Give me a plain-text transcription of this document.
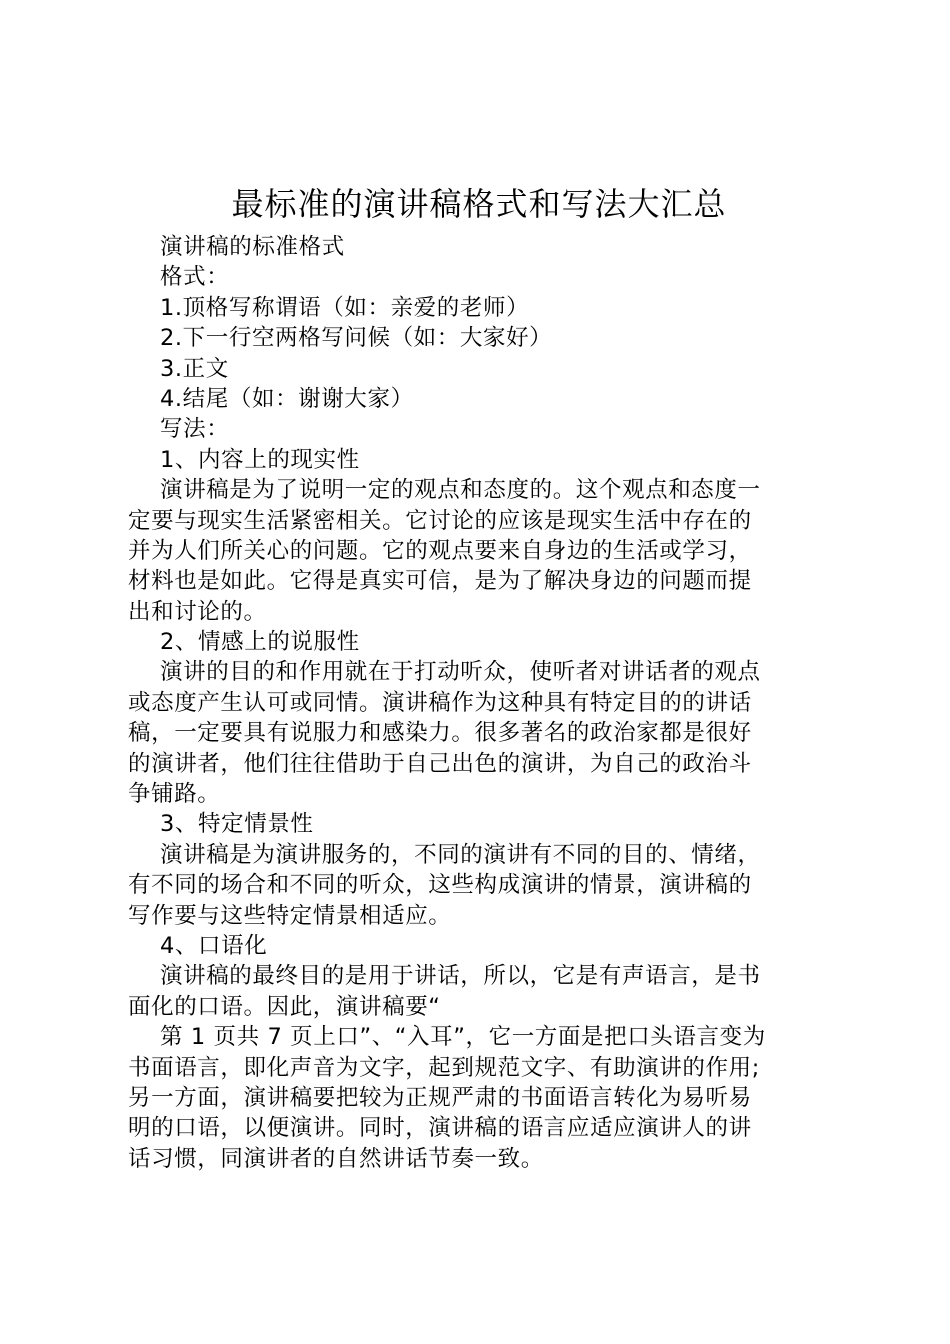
最标准的演讲稿格式和写法大汇总

演讲稿的标准格式

格式：

1.顶格写称谓语（如：亲爱的老师）

2.下一行空两格写问候（如：大家好）

3.正文

4.结尾（如：谢谢大家）

写法：

1、内容上的现实性

演讲稿是为了说明一定的观点和态度的。这个观点和态度一

定要与现实生活紧密相关。它讨论的应该是现实生活中存在的

并为人们所关心的问题。它的观点要来自身边的生活或学习，

材料也是如此。它得是真实可信，是为了解决身边的问题而提

出和讨论的。

2、情感上的说服性

演讲的目的和作用就在于打动听众，使听者对讲话者的观点

或态度产生认可或同情。演讲稿作为这种具有特定目的的讲话

稿，一定要具有说服力和感染力。很多著名的政治家都是很好

的演讲者，他们往往借助于自己出色的演讲，为自己的政治斗

争铺路。

3、特定情景性

演讲稿是为演讲服务的，不同的演讲有不同的目的、情绪，

有不同的场合和不同的听众，这些构成演讲的情景，演讲稿的

写作要与这些特定情景相适应。

4、口语化

演讲稿的最终目的是用于讲话，所以，它是有声语言，是书

面化的口语。因此，演讲稿要“

第 1 页共 7 页上口”、“入耳”，它一方面是把口头语言变为

书面语言，即化声音为文字，起到规范文字、有助演讲的作用;

另一方面，演讲稿要把较为正规严肃的书面语言转化为易听易

明的口语，以便演讲。同时，演讲稿的语言应适应演讲人的讲

话习惯，同演讲者的自然讲话节奏一致。
